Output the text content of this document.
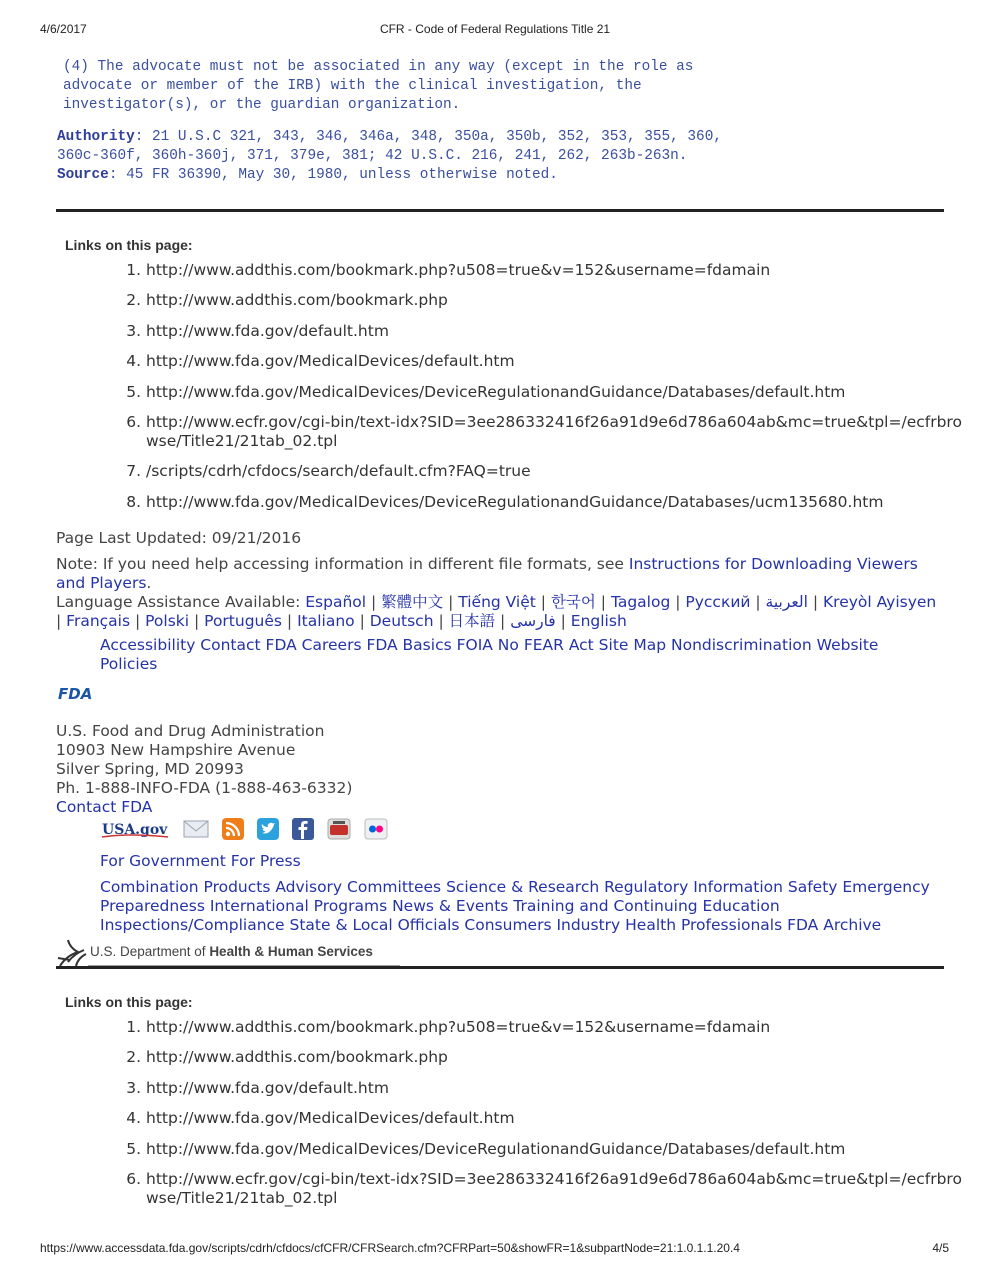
4/6/2017	CFR - Code of Federal Regulations Title 21
(4) The advocate must not be associated in any way (except in the role as
advocate or member of the IRB) with the clinical investigation, the
investigator(s), or the guardian organization.
Authority: 21 U.S.C 321, 343, 346, 346a, 348, 350a, 350b, 352, 353, 355, 360, 360c-360f, 360h-360j, 371, 379e, 381; 42 U.S.C. 216, 241, 262, 263b-263n.
Source: 45 FR 36390, May 30, 1980, unless otherwise noted.
Links on this page:
1. http://www.addthis.com/bookmark.php?u508=true&v=152&username=fdamain
2. http://www.addthis.com/bookmark.php
3. http://www.fda.gov/default.htm
4. http://www.fda.gov/MedicalDevices/default.htm
5. http://www.fda.gov/MedicalDevices/DeviceRegulationandGuidance/Databases/default.htm
6. http://www.ecfr.gov/cgi-bin/text-idx?SID=3ee286332416f26a91d9e6d786a604ab&mc=true&tpl=/ecfrbrowse/Title21/21tab_02.tpl
7. /scripts/cdrh/cfdocs/search/default.cfm?FAQ=true
8. http://www.fda.gov/MedicalDevices/DeviceRegulationandGuidance/Databases/ucm135680.htm
Page Last Updated: 09/21/2016
Note: If you need help accessing information in different file formats, see Instructions for Downloading Viewers and Players.
Language Assistance Available: Español | 繁體中文 | Tiếng Việt | 한국어 | Tagalog | Русский | العربية | Kreyòl Ayisyen | Français | Polski | Português | Italiano | Deutsch | 日本語 | فارسی | English
Accessibility Contact FDA Careers FDA Basics FOIA No FEAR Act Site Map Nondiscrimination Website Policies
FDA
U.S. Food and Drug Administration
10903 New Hampshire Avenue
Silver Spring, MD 20993
Ph. 1-888-INFO-FDA (1-888-463-6332)
Contact FDA
USA.gov

For Government For Press
Combination Products Advisory Committees Science & Research Regulatory Information Safety Emergency Preparedness International Programs News & Events Training and Continuing Education Inspections/Compliance State & Local Officials Consumers Industry Health Professionals FDA Archive
U.S. Department of Health & Human Services
Links on this page:
1. http://www.addthis.com/bookmark.php?u508=true&v=152&username=fdamain
2. http://www.addthis.com/bookmark.php
3. http://www.fda.gov/default.htm
4. http://www.fda.gov/MedicalDevices/default.htm
5. http://www.fda.gov/MedicalDevices/DeviceRegulationandGuidance/Databases/default.htm
6. http://www.ecfr.gov/cgi-bin/text-idx?SID=3ee286332416f26a91d9e6d786a604ab&mc=true&tpl=/ecfrbrowse/Title21/21tab_02.tpl
https://www.accessdata.fda.gov/scripts/cdrh/cfdocs/cfCFR/CFRSearch.cfm?CFRPart=50&showFR=1&subpartNode=21:1.0.1.1.20.4	4/5
